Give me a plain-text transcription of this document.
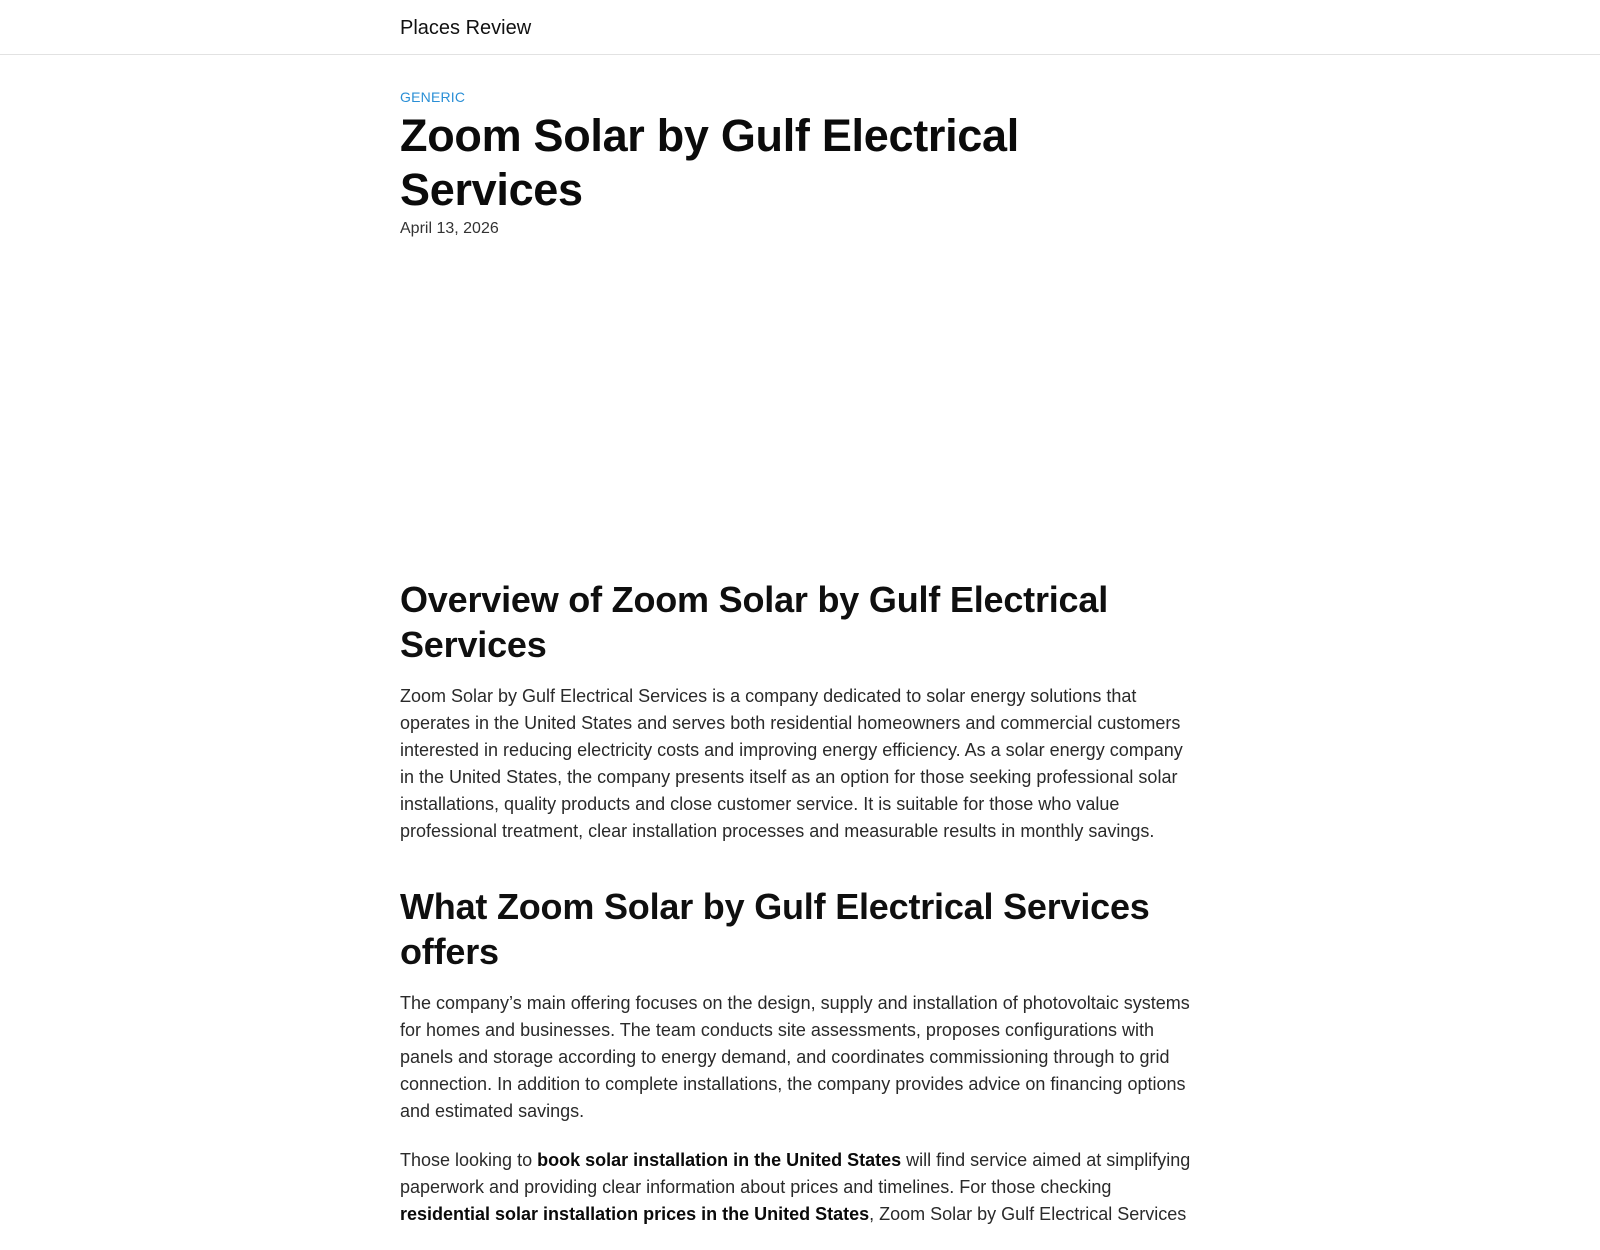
Places Review
GENERIC
Zoom Solar by Gulf Electrical Services
April 13, 2026
Overview of Zoom Solar by Gulf Electrical Services

Zoom Solar by Gulf Electrical Services is a company dedicated to solar energy solutions that operates in the United States and serves both residential homeowners and commercial customers interested in reducing electricity costs and improving energy efficiency. As a solar energy company in the United States, the company presents itself as an option for those seeking professional solar installations, quality products and close customer service. It is suitable for those who value professional treatment, clear installation processes and measurable results in monthly savings.

What Zoom Solar by Gulf Electrical Services offers

The company’s main offering focuses on the design, supply and installation of photovoltaic systems for homes and businesses. The team conducts site assessments, proposes configurations with panels and storage according to energy demand, and coordinates commissioning through to grid connection. In addition to complete installations, the company provides advice on financing options and estimated savings.

Those looking to book solar installation in the United States will find service aimed at simplifying paperwork and providing clear information about prices and timelines. For those checking residential solar installation prices in the United States, Zoom Solar by Gulf Electrical Services
